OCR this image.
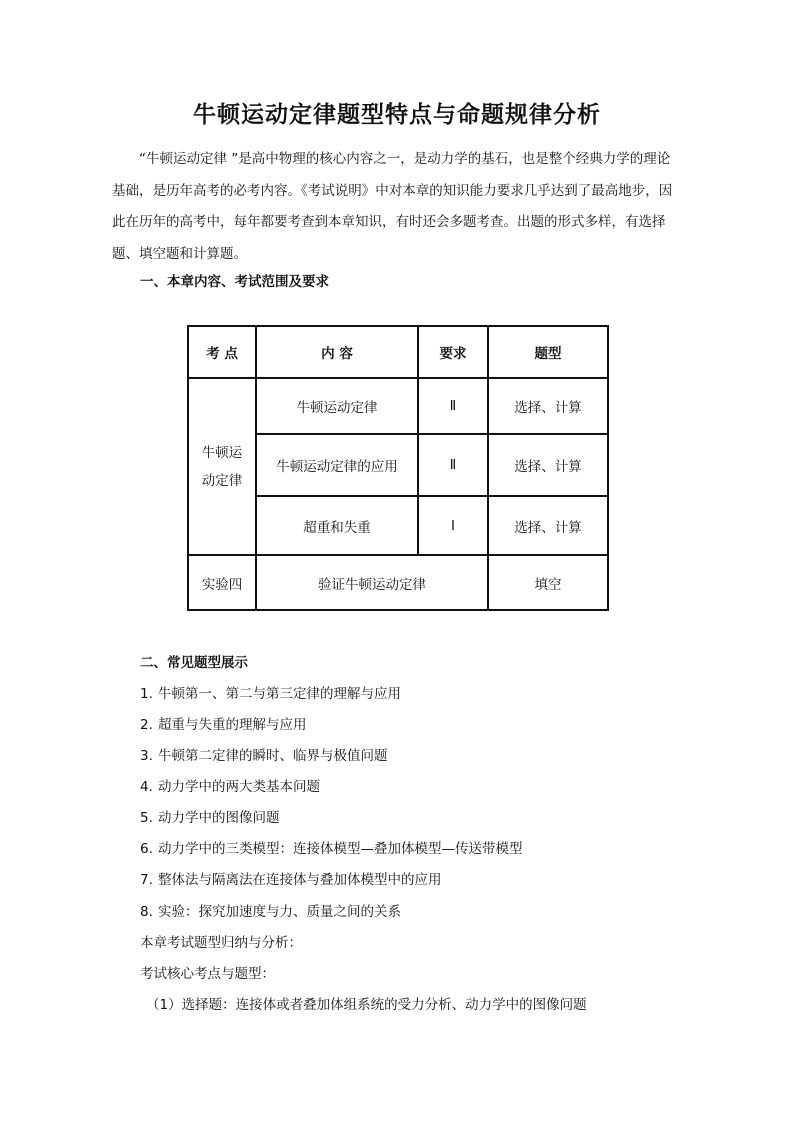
牛顿运动定律题型特点与命题规律分析

“牛顿运动定律 ”是高中物理的核心内容之一，是动力学的基石，也是整个经典力学的理论基础，是历年高考的必考内容。《考试说明》中对本章的知识能力要求几乎达到了最高地步，因此在历年的高考中，每年都要考查到本章知识，有时还会多题考查。出题的形式多样，有选择题、填空题和计算题。

一、本章内容、考试范围及要求

考 点	内 容	要求	题型
牛顿运动定律	牛顿运动定律	Ⅱ	选择、计算
	牛顿运动定律的应用	Ⅱ	选择、计算
	超重和失重	Ⅰ	选择、计算
实验四	验证牛顿运动定律		填空

二、常见题型展示

1. 牛顿第一、第二与第三定律的理解与应用

2. 超重与失重的理解与应用

3. 牛顿第二定律的瞬时、临界与极值问题

4. 动力学中的两大类基本问题

5. 动力学中的图像问题

6. 动力学中的三类模型：连接体模型—叠加体模型—传送带模型

7. 整体法与隔离法在连接体与叠加体模型中的应用

8. 实验：探究加速度与力、质量之间的关系

本章考试题型归纳与分析：

考试核心考点与题型：

（1）选择题：连接体或者叠加体组系统的受力分析、动力学中的图像问题
